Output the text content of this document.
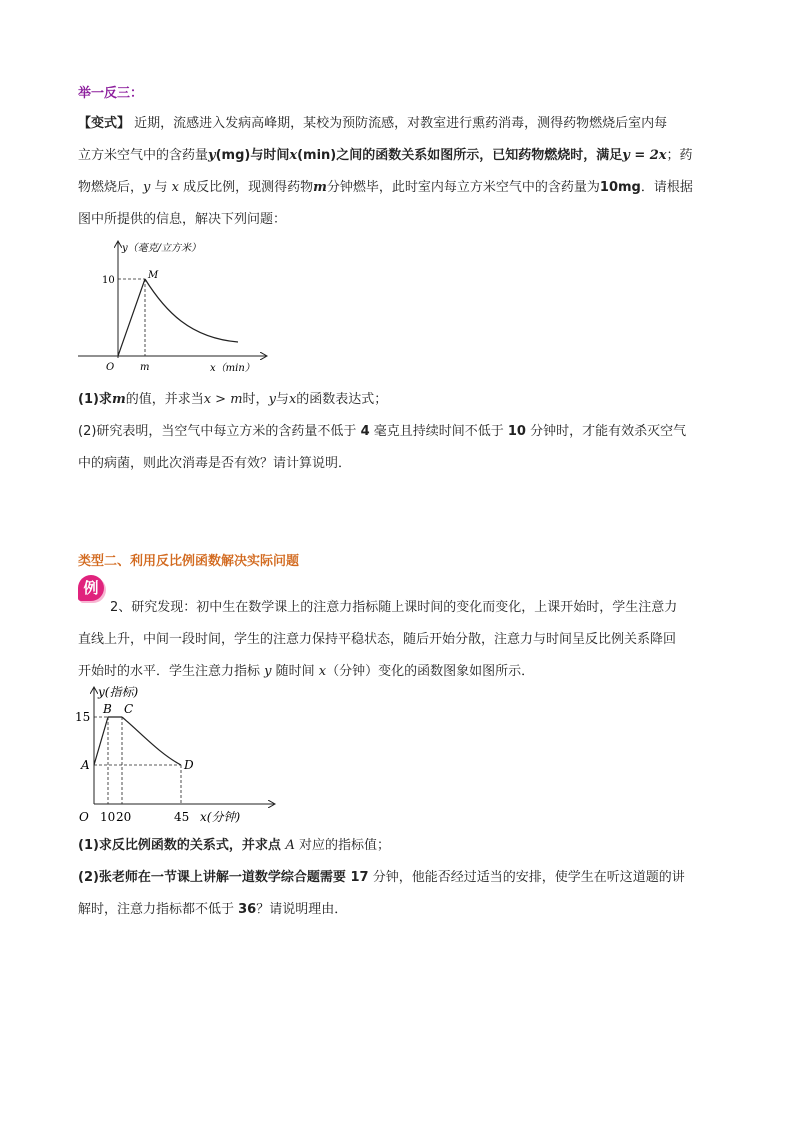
举一反三：

【变式】 近期，流感进入发病高峰期，某校为预防流感，对教室进行熏药消毒，测得药物燃烧后室内每

立方米空气中的含药量y(mg)与时间x(min)之间的函数关系如图所示，已知药物燃烧时，满足y = 2x；药

物燃烧后，y 与 x 成反比例，现测得药物m分钟燃毕，此时室内每立方米空气中的含药量为10mg．请根据

图中所提供的信息，解决下列问题：

y（毫克/立方米）
x（min）
O
10
m
M

(1)求m的值，并求当x > m时，y与x的函数表达式；

(2)研究表明，当空气中每立方米的含药量不低于 4 毫克且持续时间不低于 10 分钟时，才能有效杀灭空气

中的病菌，则此次消毒是否有效？请计算说明．

类型二、利用反比例函数解决实际问题
例

2、研究发现：初中生在数学课上的注意力指标随上课时间的变化而变化，上课开始时，学生注意力

直线上升，中间一段时间，学生的注意力保持平稳状态，随后开始分散，注意力与时间呈反比例关系降回

开始时的水平．学生注意力指标 y 随时间 x（分钟）变化的函数图象如图所示．

y(指标)
x(分钟)
O
15
A
10 20	45
B C
D

(1)求反比例函数的关系式，并求点 A 对应的指标值；

(2)张老师在一节课上讲解一道数学综合题需要 17 分钟，他能否经过适当的安排，使学生在听这道题的讲

解时，注意力指标都不低于 36？请说明理由．
